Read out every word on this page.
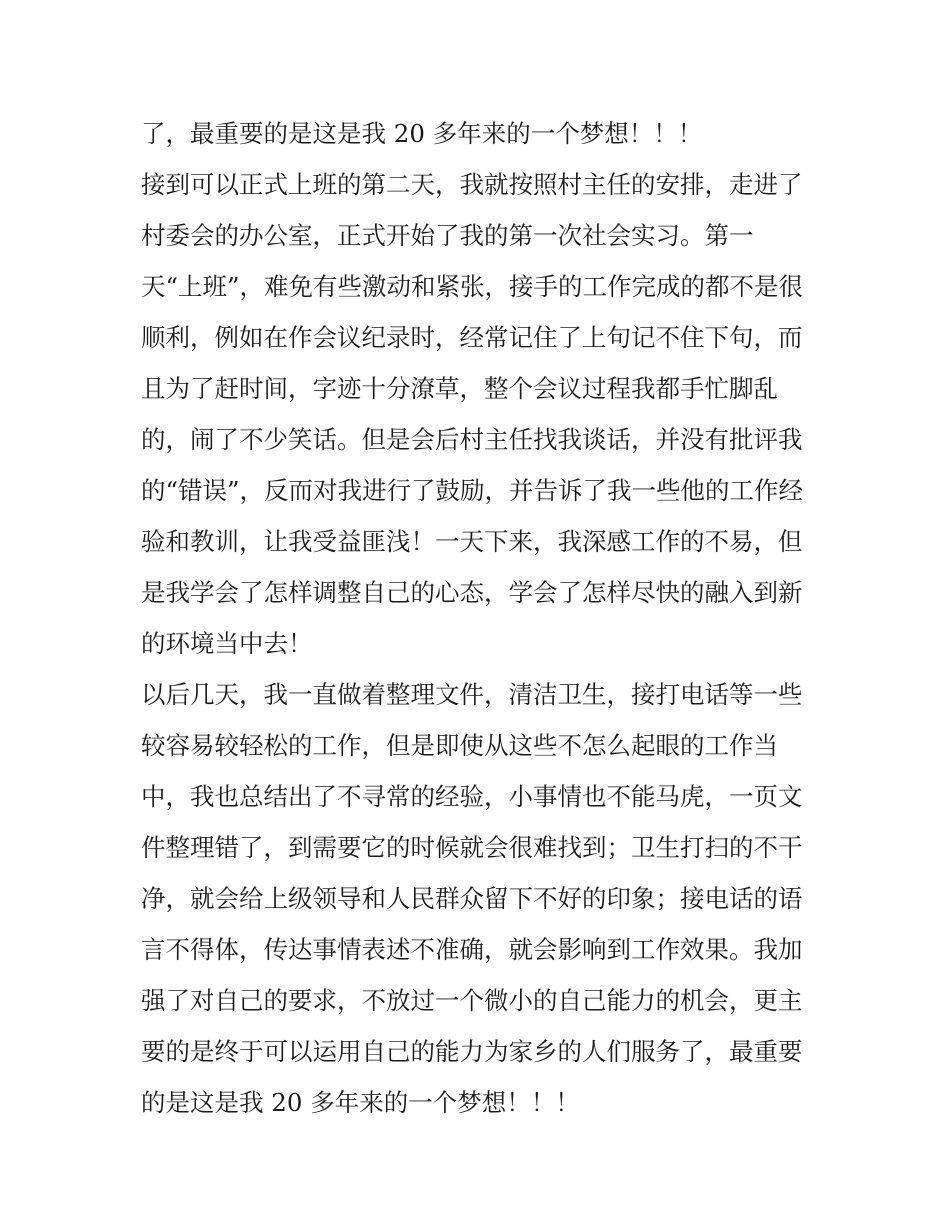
了，最重要的是这是我 20 多年来的一个梦想！！！
接到可以正式上班的第二天，我就按照村主任的安排，走进了
村委会的办公室，正式开始了我的第一次社会实习。第一
天“上班”，难免有些激动和紧张，接手的工作完成的都不是很
顺利，例如在作会议纪录时，经常记住了上句记不住下句，而
且为了赶时间，字迹十分潦草，整个会议过程我都手忙脚乱
的，闹了不少笑话。但是会后村主任找我谈话，并没有批评我
的“错误”，反而对我进行了鼓励，并告诉了我一些他的工作经
验和教训，让我受益匪浅！一天下来，我深感工作的不易，但
是我学会了怎样调整自己的心态，学会了怎样尽快的融入到新
的环境当中去！
以后几天，我一直做着整理文件，清洁卫生，接打电话等一些
较容易较轻松的工作，但是即使从这些不怎么起眼的工作当
中，我也总结出了不寻常的经验，小事情也不能马虎，一页文
件整理错了，到需要它的时候就会很难找到；卫生打扫的不干
净，就会给上级领导和人民群众留下不好的印象；接电话的语
言不得体，传达事情表述不准确，就会影响到工作效果。我加
强了对自己的要求，不放过一个微小的自己能力的机会，更主
要的是终于可以运用自己的能力为家乡的人们服务了，最重要
的是这是我 20 多年来的一个梦想！！！
